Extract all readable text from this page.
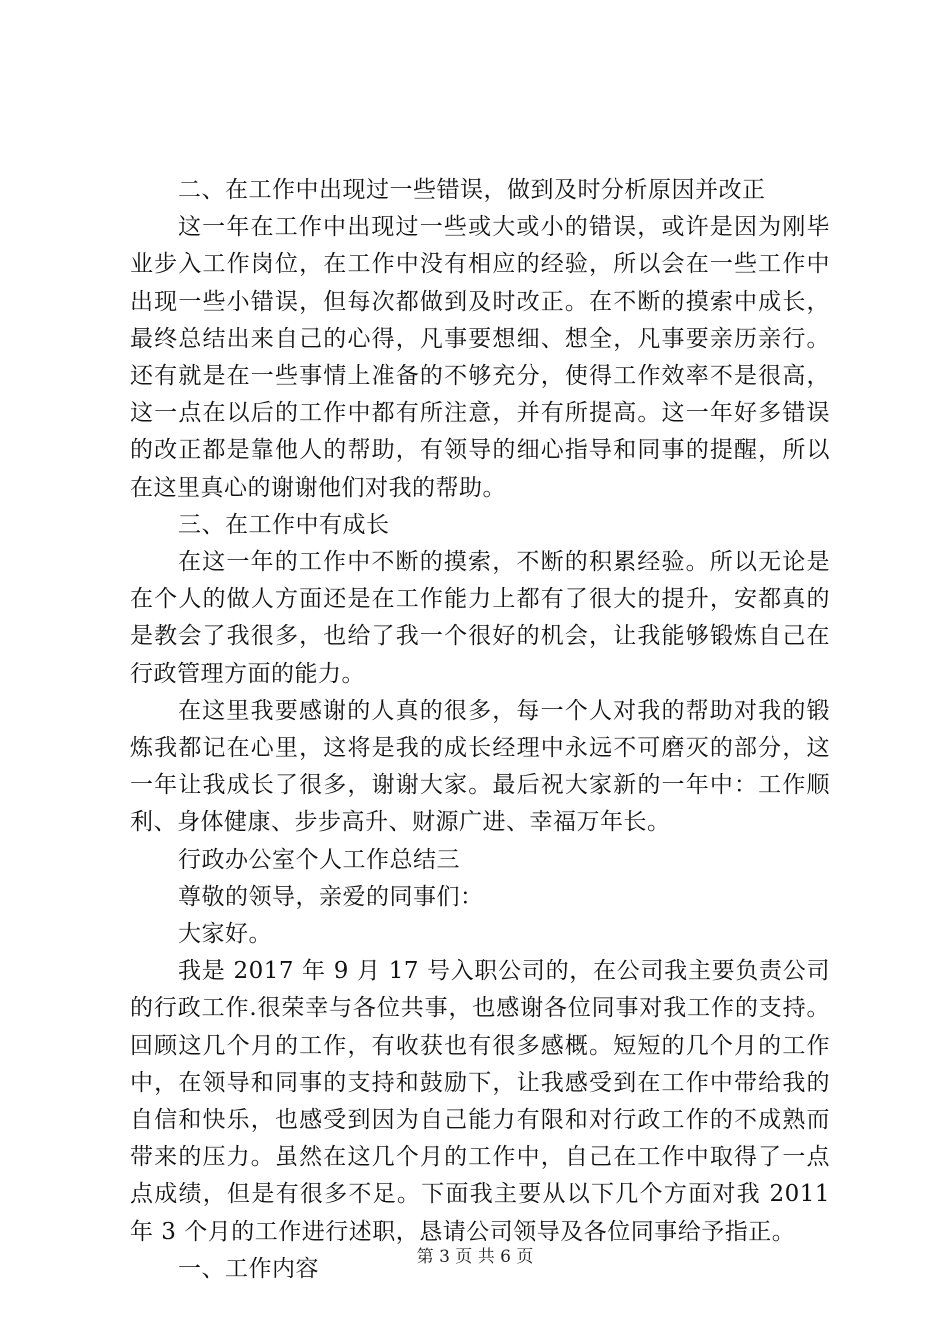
二、在工作中出现过一些错误，做到及时分析原因并改正

这一年在工作中出现过一些或大或小的错误，或许是因为刚毕业步入工作岗位，在工作中没有相应的经验，所以会在一些工作中出现一些小错误，但每次都做到及时改正。在不断的摸索中成长，最终总结出来自己的心得，凡事要想细、想全，凡事要亲历亲行。还有就是在一些事情上准备的不够充分，使得工作效率不是很高，这一点在以后的工作中都有所注意，并有所提高。这一年好多错误的改正都是靠他人的帮助，有领导的细心指导和同事的提醒，所以在这里真心的谢谢他们对我的帮助。

三、在工作中有成长

在这一年的工作中不断的摸索，不断的积累经验。所以无论是在个人的做人方面还是在工作能力上都有了很大的提升，安都真的是教会了我很多，也给了我一个很好的机会，让我能够锻炼自己在行政管理方面的能力。

在这里我要感谢的人真的很多，每一个人对我的帮助对我的锻炼我都记在心里，这将是我的成长经理中永远不可磨灭的部分，这一年让我成长了很多，谢谢大家。最后祝大家新的一年中：工作顺利、身体健康、步步高升、财源广进、幸福万年长。

行政办公室个人工作总结三

尊敬的领导，亲爱的同事们：

大家好。

我是 2017 年 9 月 17 号入职公司的，在公司我主要负责公司的行政工作.很荣幸与各位共事，也感谢各位同事对我工作的支持。回顾这几个月的工作，有收获也有很多感概。短短的几个月的工作中，在领导和同事的支持和鼓励下，让我感受到在工作中带给我的自信和快乐，也感受到因为自己能力有限和对行政工作的不成熟而带来的压力。虽然在这几个月的工作中，自己在工作中取得了一点点成绩，但是有很多不足。下面我主要从以下几个方面对我 2011 年 3 个月的工作进行述职，恳请公司领导及各位同事给予指正。

一、工作内容	第 3 页 共 6 页
